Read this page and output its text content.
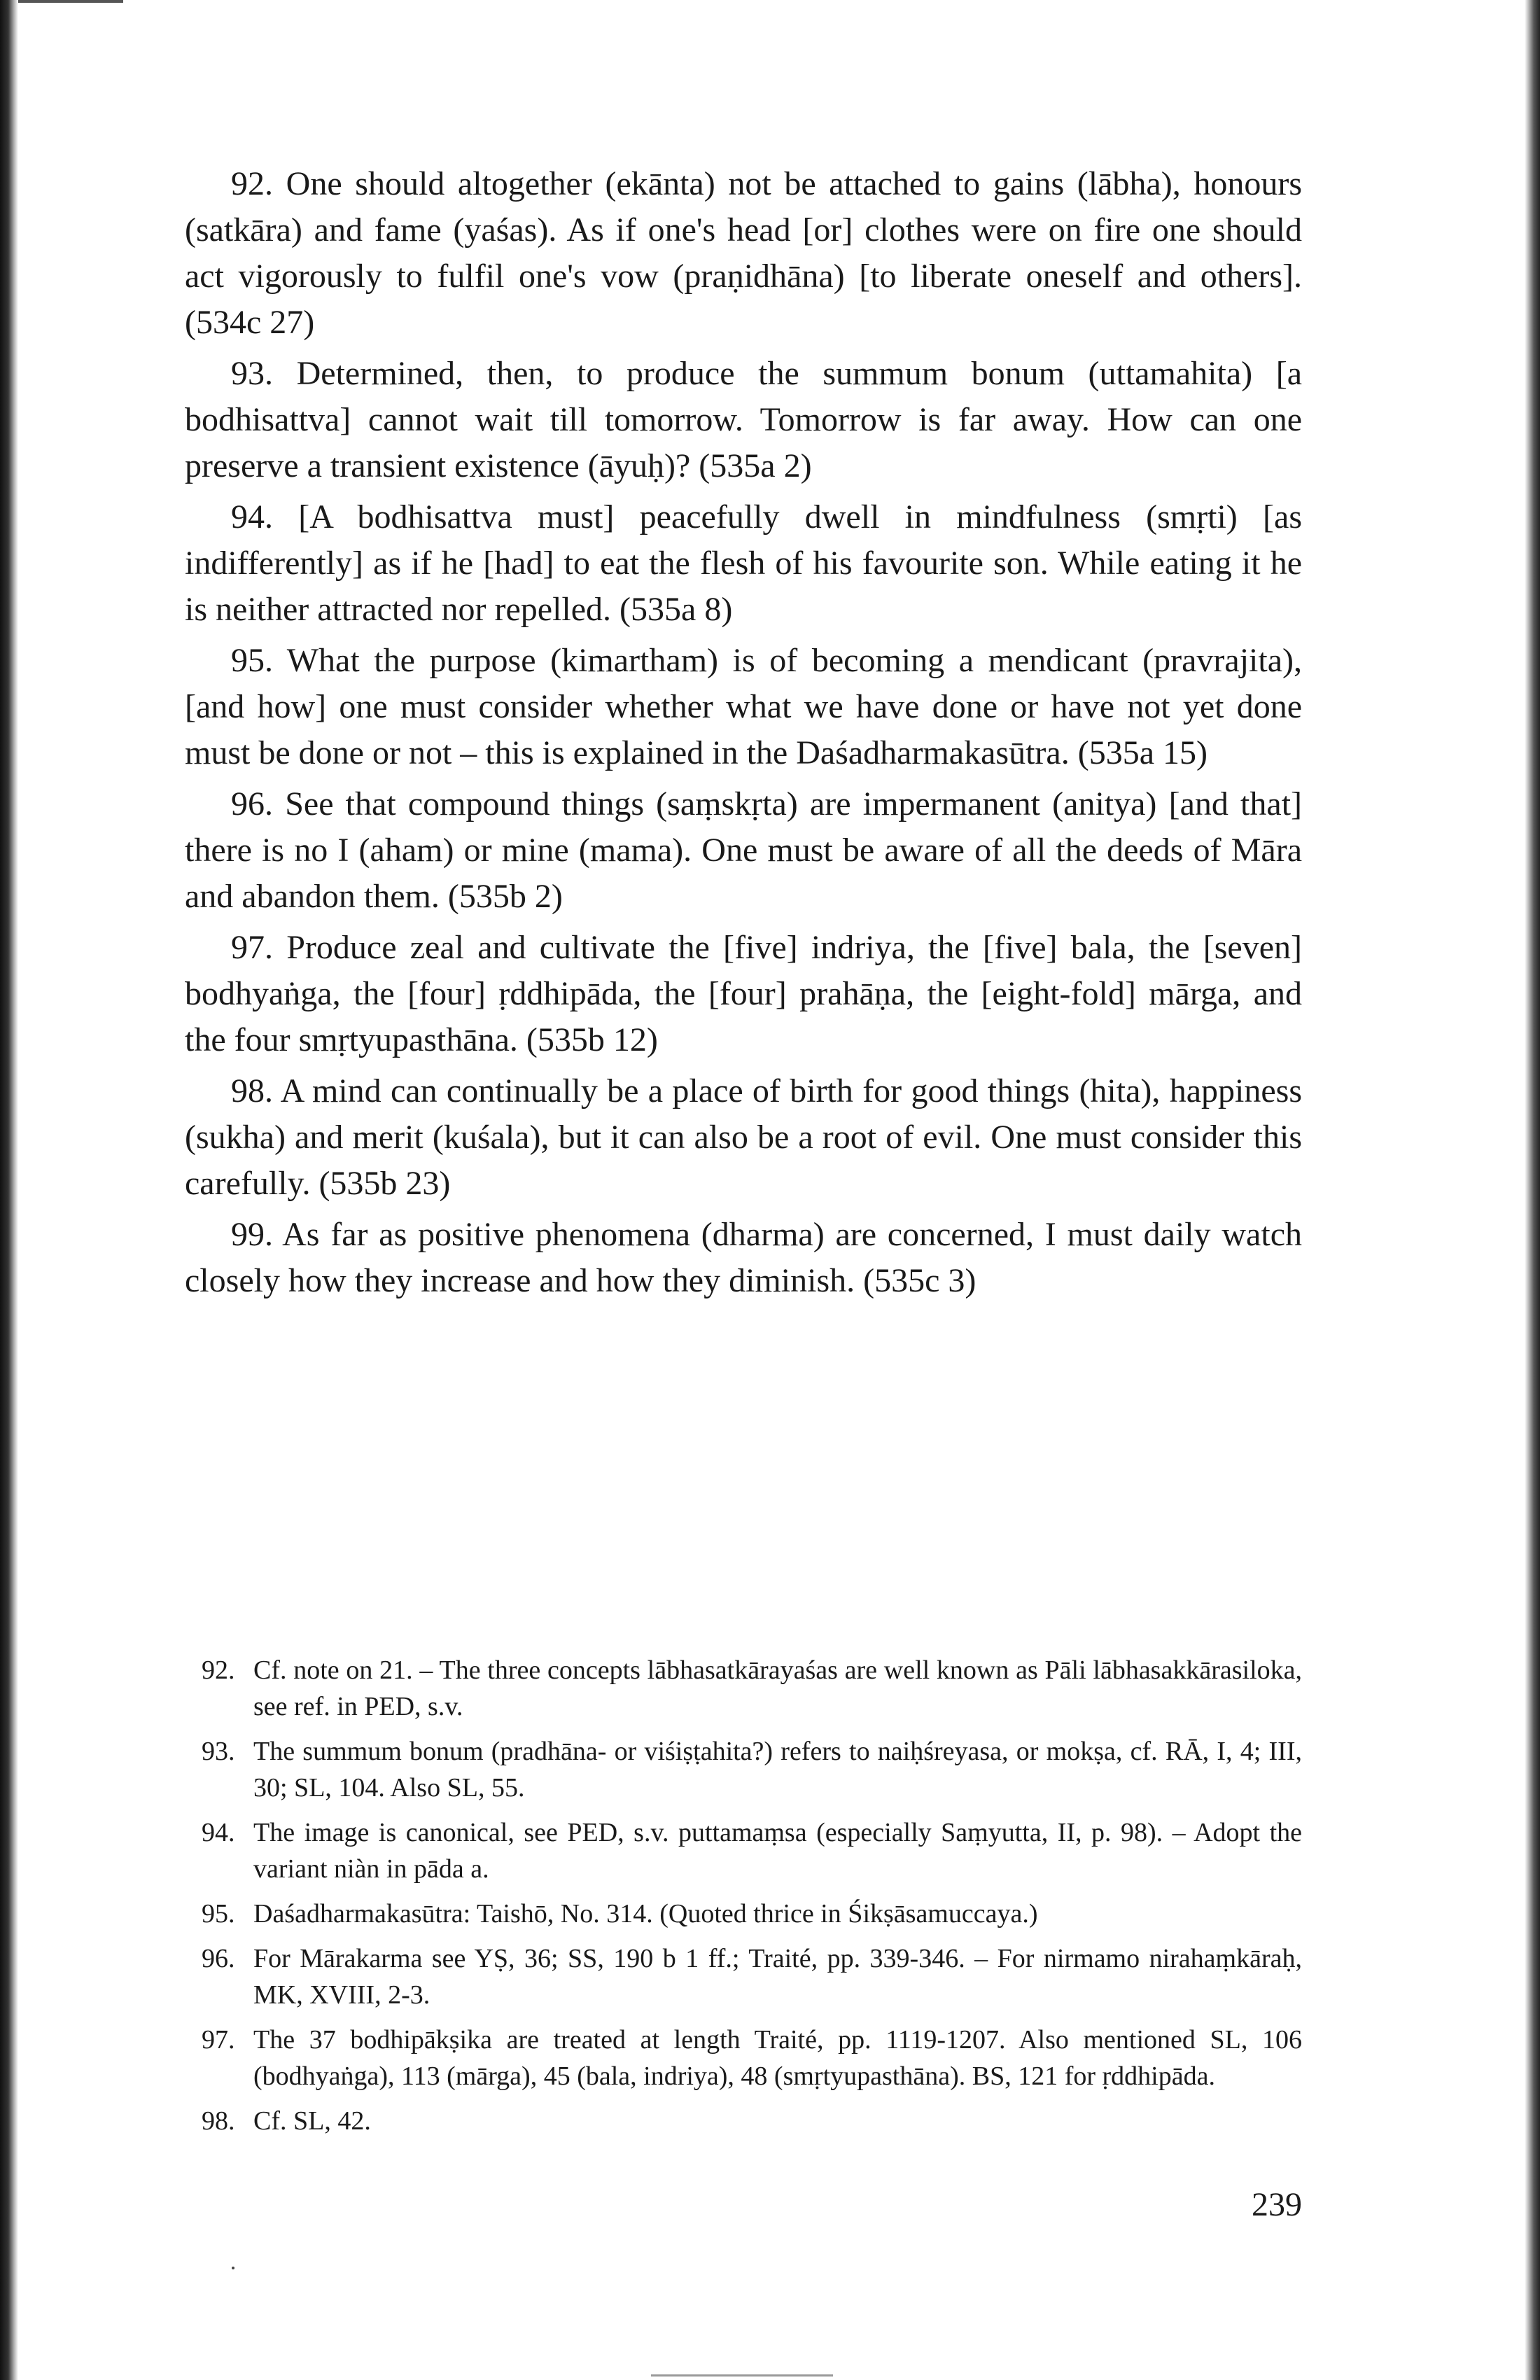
92. One should altogether (ekānta) not be attached to gains (lābha), honours (satkāra) and fame (yaśas). As if one's head [or] clothes were on fire one should act vigorously to fulfil one's vow (praṇidhāna) [to liberate oneself and others]. (534c 27)

93. Determined, then, to produce the summum bonum (uttamahita) [a bodhisattva] cannot wait till tomorrow. Tomorrow is far away. How can one preserve a transient existence (āyuḥ)? (535a 2)

94. [A bodhisattva must] peacefully dwell in mindfulness (smṛti) [as indifferently] as if he [had] to eat the flesh of his favourite son. While eating it he is neither attracted nor repelled. (535a 8)

95. What the purpose (kimartham) is of becoming a mendicant (pravrajita), [and how] one must consider whether what we have done or have not yet done must be done or not – this is explained in the Daśadharmakasūtra. (535a 15)

96. See that compound things (saṃskṛta) are impermanent (anitya) [and that] there is no I (aham) or mine (mama). One must be aware of all the deeds of Māra and abandon them. (535b 2)

97. Produce zeal and cultivate the [five] indriya, the [five] bala, the [seven] bodhyaṅga, the [four] ṛddhipāda, the [four] prahāṇa, the [eight-fold] mārga, and the four smṛtyupasthāna. (535b 12)

98. A mind can continually be a place of birth for good things (hita), happiness (sukha) and merit (kuśala), but it can also be a root of evil. One must consider this carefully. (535b 23)

99. As far as positive phenomena (dharma) are concerned, I must daily watch closely how they increase and how they diminish. (535c 3)

92. Cf. note on 21. – The three concepts lābhasatkārayaśas are well known as Pāli lābhasakkārasiloka, see ref. in PED, s.v.
93. The summum bonum (pradhāna- or viśiṣṭahita?) refers to naiḥśreyasa, or mokṣa, cf. RĀ, I, 4; III, 30; SL, 104. Also SL, 55.
94. The image is canonical, see PED, s.v. puttamaṃsa (especially Saṃyutta, II, p. 98). – Adopt the variant niàn in pāda a.
95. Daśadharmakasūtra: Taishō, No. 314. (Quoted thrice in Śikṣāsamuccaya.)
96. For Mārakarma see YṢ, 36; SS, 190 b 1 ff.; Traité, pp. 339-346. – For nirmamo nirahaṃkāraḥ, MK, XVIII, 2-3.
97. The 37 bodhipākṣika are treated at length Traité, pp. 1119-1207. Also mentioned SL, 106 (bodhyaṅga), 113 (mārga), 45 (bala, indriya), 48 (smṛtyupasthāna). BS, 121 for ṛddhipāda.
98. Cf. SL, 42.
239
